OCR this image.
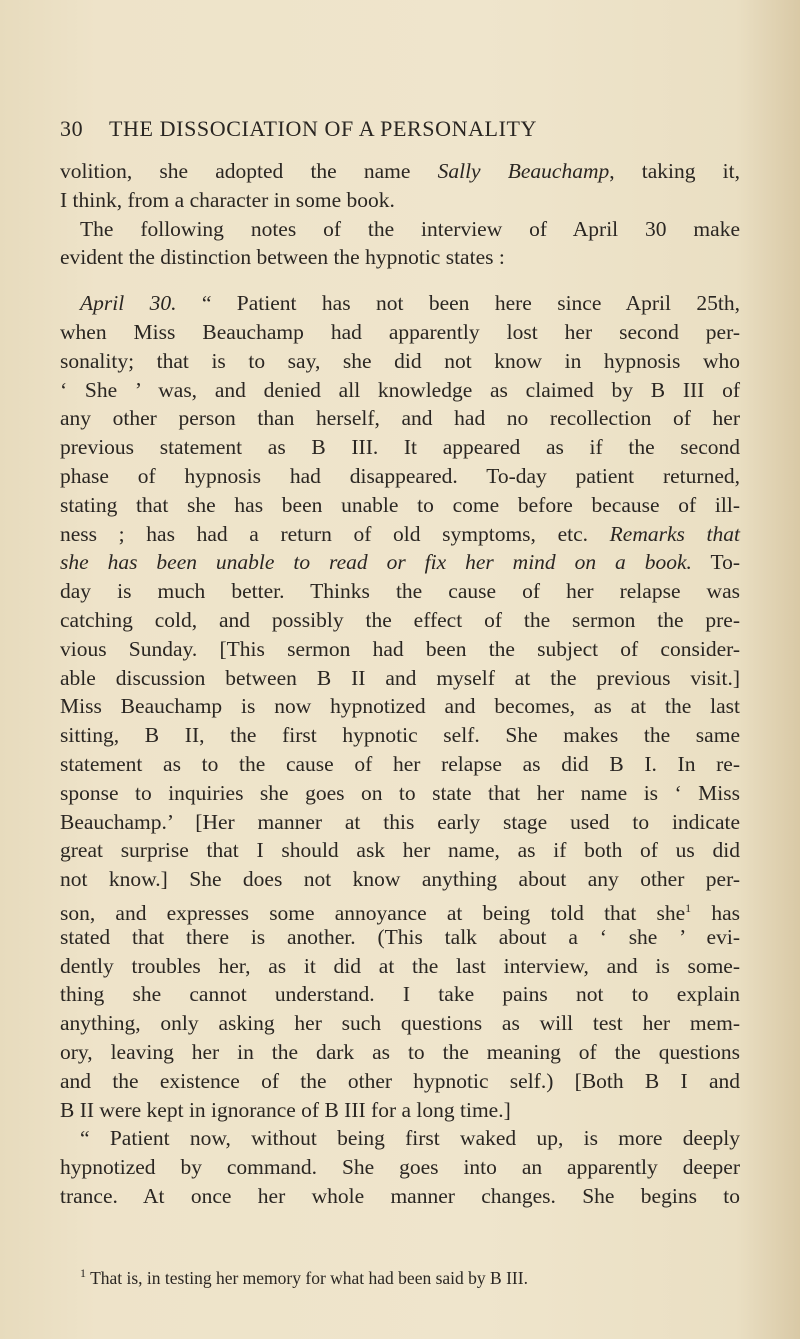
30 THE DISSOCIATION OF A PERSONALITY
volition, she adopted the name Sally Beauchamp, taking it,
I think, from a character in some book.
The following notes of the interview of April 30 make
evident the distinction between the hypnotic states :
April 30. “ Patient has not been here since April 25th,
when Miss Beauchamp had apparently lost her second per-
sonality; that is to say, she did not know in hypnosis who
‘ She ’ was, and denied all knowledge as claimed by B III of
any other person than herself, and had no recollection of her
previous statement as B III. It appeared as if the second
phase of hypnosis had disappeared. To-day patient returned,
stating that she has been unable to come before because of ill-
ness ; has had a return of old symptoms, etc. Remarks that
she has been unable to read or fix her mind on a book. To-
day is much better. Thinks the cause of her relapse was
catching cold, and possibly the effect of the sermon the pre-
vious Sunday. [This sermon had been the subject of consider-
able discussion between B II and myself at the previous visit.]
Miss Beauchamp is now hypnotized and becomes, as at the last
sitting, B II, the first hypnotic self. She makes the same
statement as to the cause of her relapse as did B I. In re-
sponse to inquiries she goes on to state that her name is ‘ Miss
Beauchamp.’ [Her manner at this early stage used to indicate
great surprise that I should ask her name, as if both of us did
not know.] She does not know anything about any other per-
son, and expresses some annoyance at being told that she$^1$ has
stated that there is another. (This talk about a ‘ she ’ evi-
dently troubles her, as it did at the last interview, and is some-
thing she cannot understand. I take pains not to explain
anything, only asking her such questions as will test her mem-
ory, leaving her in the dark as to the meaning of the questions
and the existence of the other hypnotic self.) [Both B I and
B II were kept in ignorance of B III for a long time.]
“ Patient now, without being first waked up, is more deeply
hypnotized by command. She goes into an apparently deeper
trance. At once her whole manner changes. She begins to
$^1$ That is, in testing her memory for what had been said by B III.
